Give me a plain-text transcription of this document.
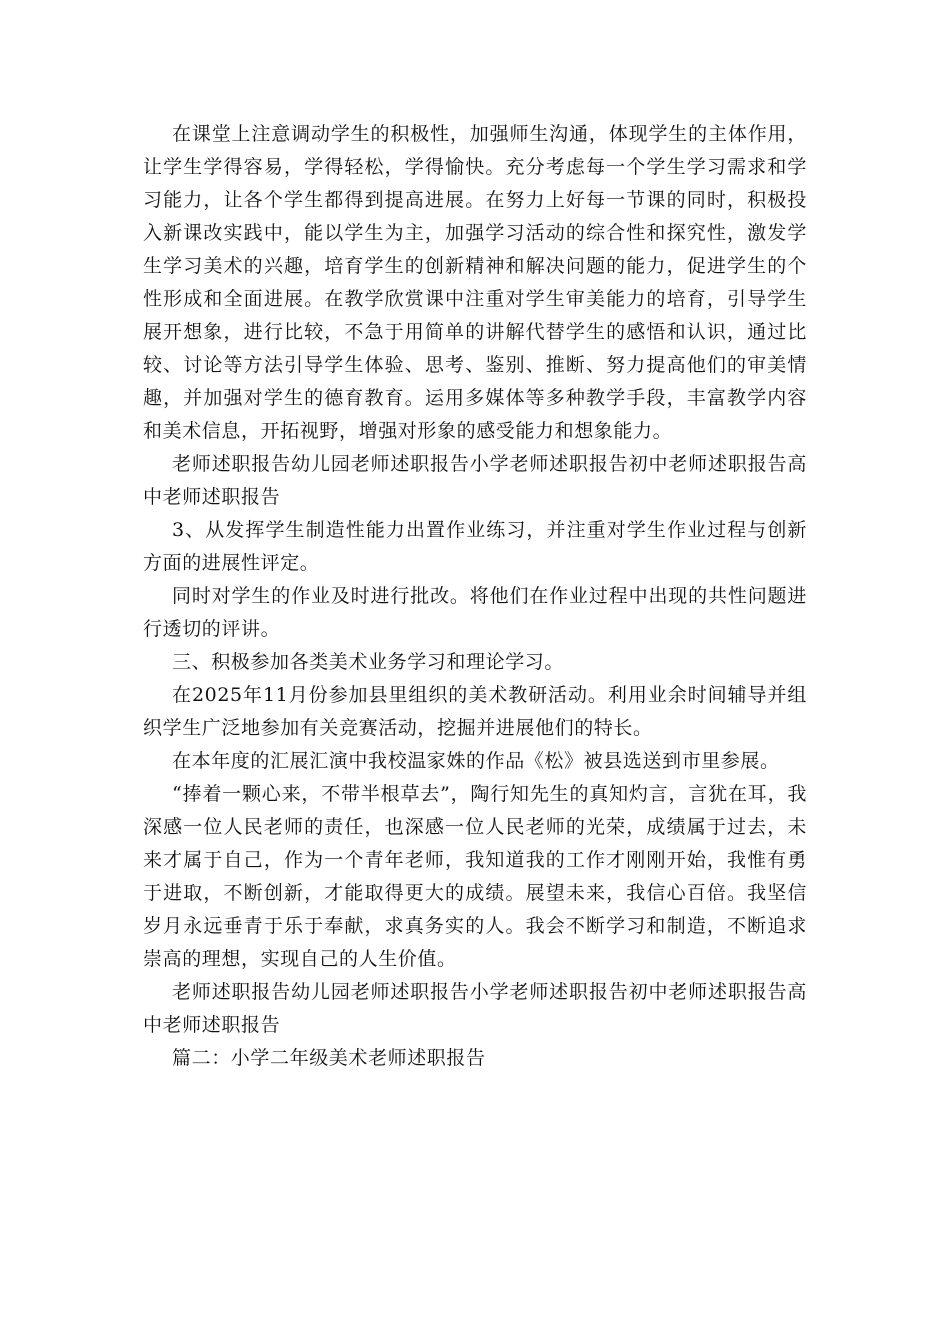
在课堂上注意调动学生的积极性，加强师生沟通，体现学生的主体作用，让学生学得容易，学得轻松，学得愉快。充分考虑每一个学生学习需求和学习能力，让各个学生都得到提高进展。在努力上好每一节课的同时，积极投入新课改实践中，能以学生为主，加强学习活动的综合性和探究性，激发学生学习美术的兴趣，培育学生的创新精神和解决问题的能力，促进学生的个性形成和全面进展。在教学欣赏课中注重对学生审美能力的培育，引导学生展开想象，进行比较，不急于用简单的讲解代替学生的感悟和认识，通过比较、讨论等方法引导学生体验、思考、鉴别、推断、努力提高他们的审美情趣，并加强对学生的德育教育。运用多媒体等多种教学手段，丰富教学内容和美术信息，开拓视野，增强对形象的感受能力和想象能力。

老师述职报告幼儿园老师述职报告小学老师述职报告初中老师述职报告高中老师述职报告

3、从发挥学生制造性能力出置作业练习，并注重对学生作业过程与创新方面的进展性评定。

同时对学生的作业及时进行批改。将他们在作业过程中出现的共性问题进行透切的评讲。

三、积极参加各类美术业务学习和理论学习。

在2025年11月份参加县里组织的美术教研活动。利用业余时间辅导并组织学生广泛地参加有关竞赛活动，挖掘并进展他们的特长。

在本年度的汇展汇演中我校温家姝的作品《松》被县选送到市里参展。

“捧着一颗心来，不带半根草去”，陶行知先生的真知灼言，言犹在耳，我深感一位人民老师的责任，也深感一位人民老师的光荣，成绩属于过去，未来才属于自己，作为一个青年老师，我知道我的工作才刚刚开始，我惟有勇于进取，不断创新，才能取得更大的成绩。展望未来，我信心百倍。我坚信岁月永远垂青于乐于奉献，求真务实的人。我会不断学习和制造，不断追求崇高的理想，实现自己的人生价值。

老师述职报告幼儿园老师述职报告小学老师述职报告初中老师述职报告高中老师述职报告

篇二：小学二年级美术老师述职报告
